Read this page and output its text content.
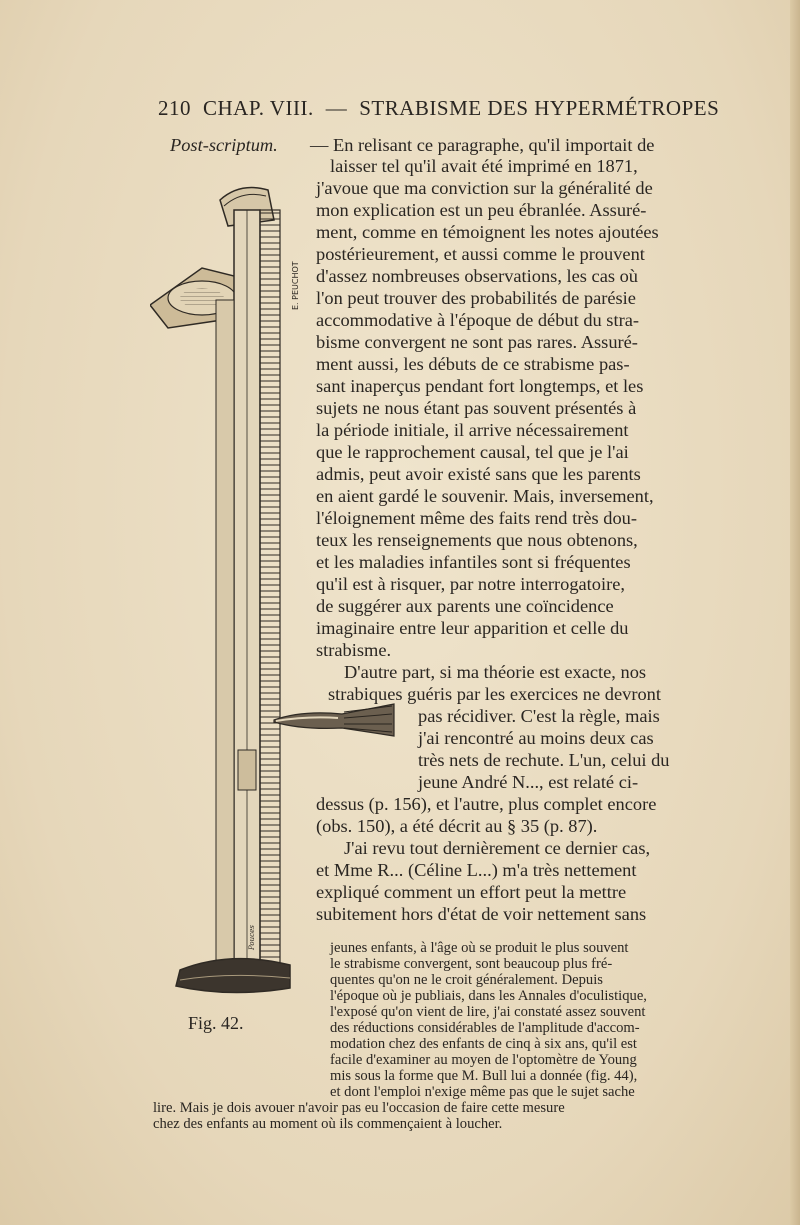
210 CHAP. VIII. — STRABISME DES HYPERMÉTROPES
E. PEUCHOT
Pouces
Post-scriptum. — En relisant ce paragraphe, qu'il importait de
laisser tel qu'il avait été imprimé en 1871,
j'avoue que ma conviction sur la généralité de
mon explication est un peu ébranlée. Assuré-
ment, comme en témoignent les notes ajoutées
postérieurement, et aussi comme le prouvent
d'assez nombreuses observations, les cas où
l'on peut trouver des probabilités de parésie
accommodative à l'époque de début du stra-
bisme convergent ne sont pas rares. Assuré-
ment aussi, les débuts de ce strabisme pas-
sant inaperçus pendant fort longtemps, et les
sujets ne nous étant pas souvent présentés à
la période initiale, il arrive nécessairement
que le rapprochement causal, tel que je l'ai
admis, peut avoir existé sans que les parents
en aient gardé le souvenir. Mais, inversement,
l'éloignement même des faits rend très dou-
teux les renseignements que nous obtenons,
et les maladies infantiles sont si fréquentes
qu'il est à risquer, par notre interrogatoire,
de suggérer aux parents une coïncidence
imaginaire entre leur apparition et celle du
strabisme.
D'autre part, si ma théorie est exacte, nos
strabiques guéris par les exercices ne devront
pas récidiver. C'est la règle, mais
j'ai rencontré au moins deux cas
très nets de rechute. L'un, celui du
jeune André N..., est relaté ci-
dessus (p. 156), et l'autre, plus complet encore
(obs. 150), a été décrit au § 35 (p. 87).
J'ai revu tout dernièrement ce dernier cas,
et Mme R... (Céline L...) m'a très nettement
expliqué comment un effort peut la mettre
subitement hors d'état de voir nettement sans
jeunes enfants, à l'âge où se produit le plus souvent
le strabisme convergent, sont beaucoup plus fré-
quentes qu'on ne le croit généralement. Depuis
l'époque où je publiais, dans les Annales d'oculistique,
l'exposé qu'on vient de lire, j'ai constaté assez souvent
des réductions considérables de l'amplitude d'accom-
modation chez des enfants de cinq à six ans, qu'il est
facile d'examiner au moyen de l'optomètre de Young
mis sous la forme que M. Bull lui a donnée (fig. 44),
et dont l'emploi n'exige même pas que le sujet sache
lire. Mais je dois avouer n'avoir pas eu l'occasion de faire cette mesure
chez des enfants au moment où ils commençaient à loucher.
Fig. 42.
